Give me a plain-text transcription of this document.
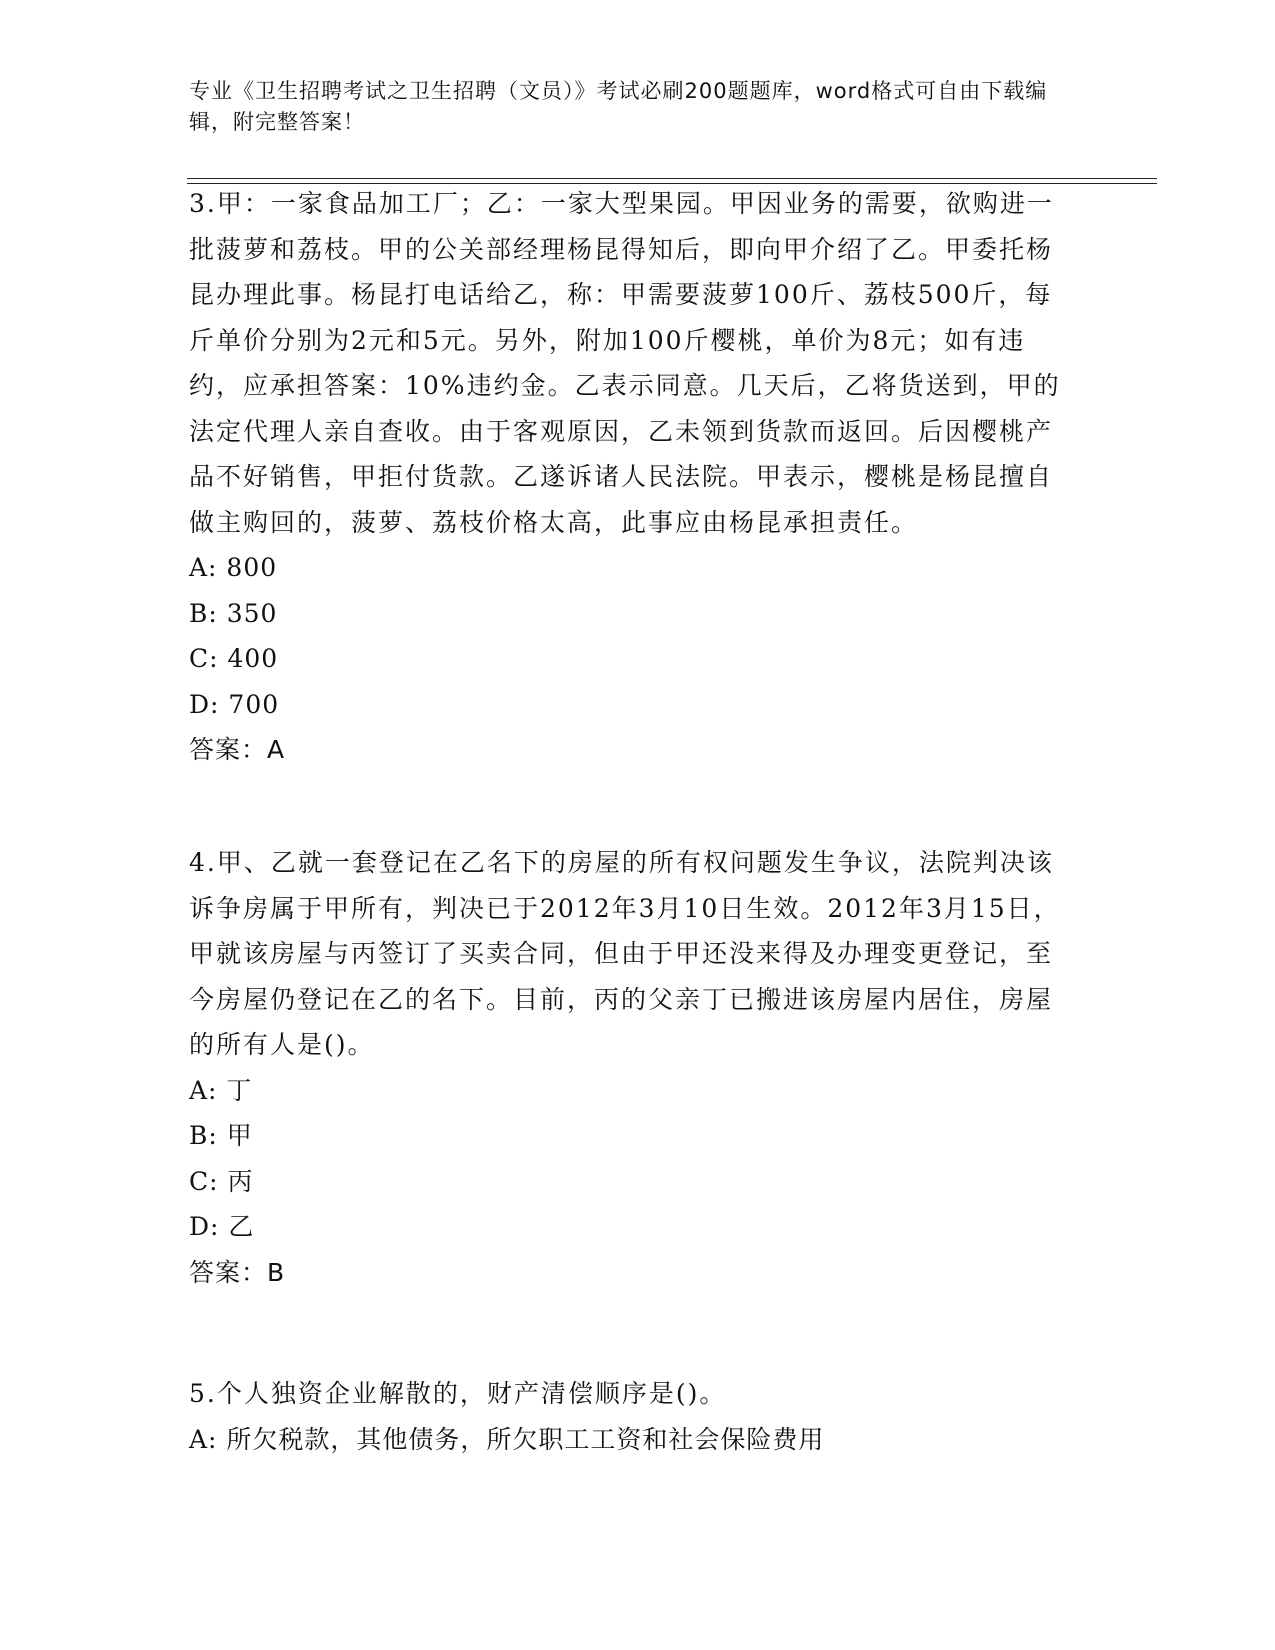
专业《卫生招聘考试之卫生招聘（文员）》考试必刷200题题库，word格式可自由下载编辑，附完整答案！

3.甲：一家食品加工厂；乙：一家大型果园。甲因业务的需要，欲购进一批菠萝和荔枝。甲的公关部经理杨昆得知后，即向甲介绍了乙。甲委托杨昆办理此事。杨昆打电话给乙，称：甲需要菠萝100斤、荔枝500斤，每斤单价分别为2元和5元。另外，附加100斤樱桃，单价为8元；如有违约，应承担答案：10%违约金。乙表示同意。几天后，乙将货送到，甲的法定代理人亲自查收。由于客观原因，乙未领到货款而返回。后因樱桃产品不好销售，甲拒付货款。乙遂诉诸人民法院。甲表示，樱桃是杨昆擅自做主购回的，菠萝、荔枝价格太高，此事应由杨昆承担责任。

A: 800

B: 350

C: 400

D: 700

答案：A

4.甲、乙就一套登记在乙名下的房屋的所有权问题发生争议，法院判决该诉争房属于甲所有，判决已于2012年3月10日生效。2012年3月15日，甲就该房屋与丙签订了买卖合同，但由于甲还没来得及办理变更登记，至今房屋仍登记在乙的名下。目前，丙的父亲丁已搬进该房屋内居住，房屋的所有人是()。

A: 丁

B: 甲

C: 丙

D: 乙

答案：B

5.个人独资企业解散的，财产清偿顺序是()。

A: 所欠税款，其他债务，所欠职工工资和社会保险费用
